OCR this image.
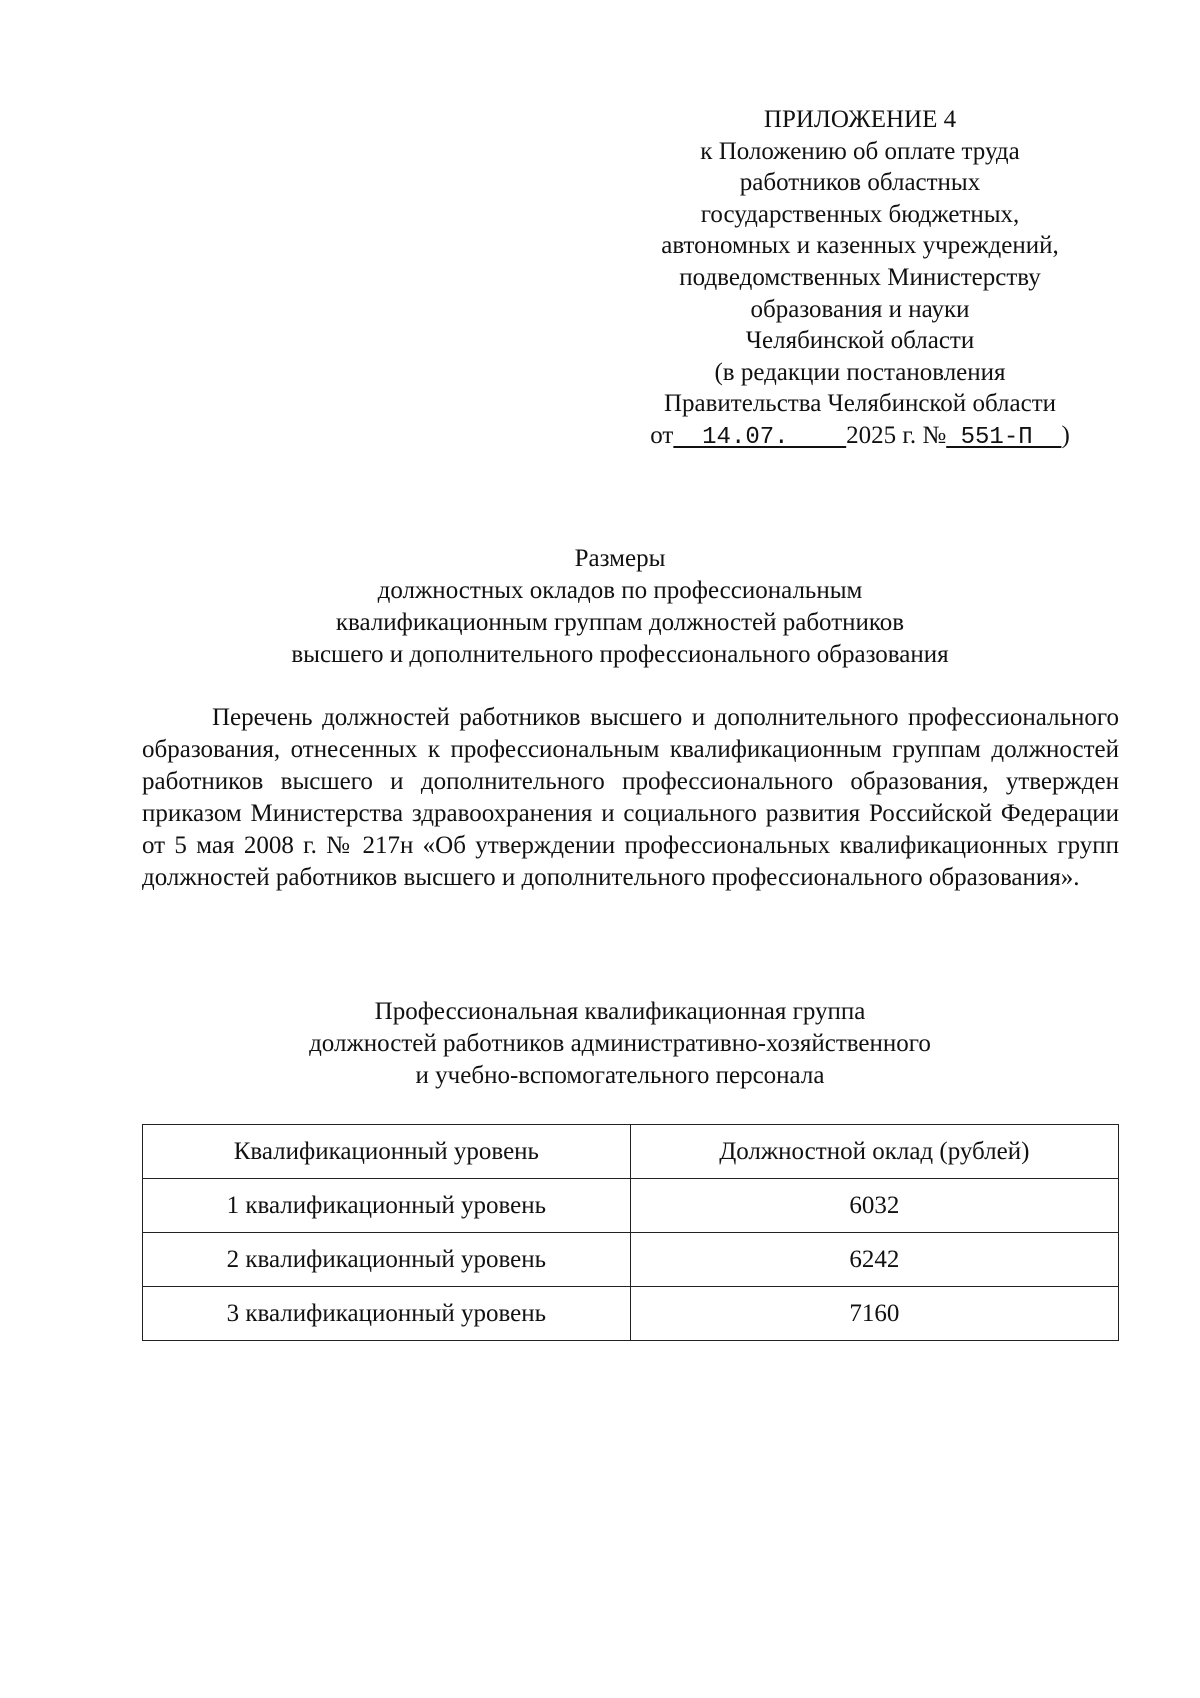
ПРИЛОЖЕНИЕ 4
к Положению об оплате труда
работников областных
государственных бюджетных,
автономных и казенных учреждений,
подведомственных Министерству
образования и науки
Челябинской области
(в редакции постановления
Правительства Челябинской области
от  14.07.    2025 г. № 551-П  )
Размеры
должностных окладов по профессиональным
квалификационным группам должностей работников
высшего и дополнительного профессионального образования

Перечень должностей работников высшего и дополнительного профессионального образования, отнесенных к профессиональным квалификационным группам должностей работников высшего и дополнительного профессионального образования, утвержден приказом Министерства здравоохранения и социального развития Российской Федерации от 5 мая 2008 г. № 217н «Об утверждении профессиональных квалификационных групп должностей работников высшего и дополнительного профессионального образования».

Профессиональная квалификационная группа
должностей работников административно-хозяйственного
и учебно-вспомогательного персонала
Квалификационный уровень	Должностной оклад (рублей)
1 квалификационный уровень	6032
2 квалификационный уровень	6242
3 квалификационный уровень	7160
